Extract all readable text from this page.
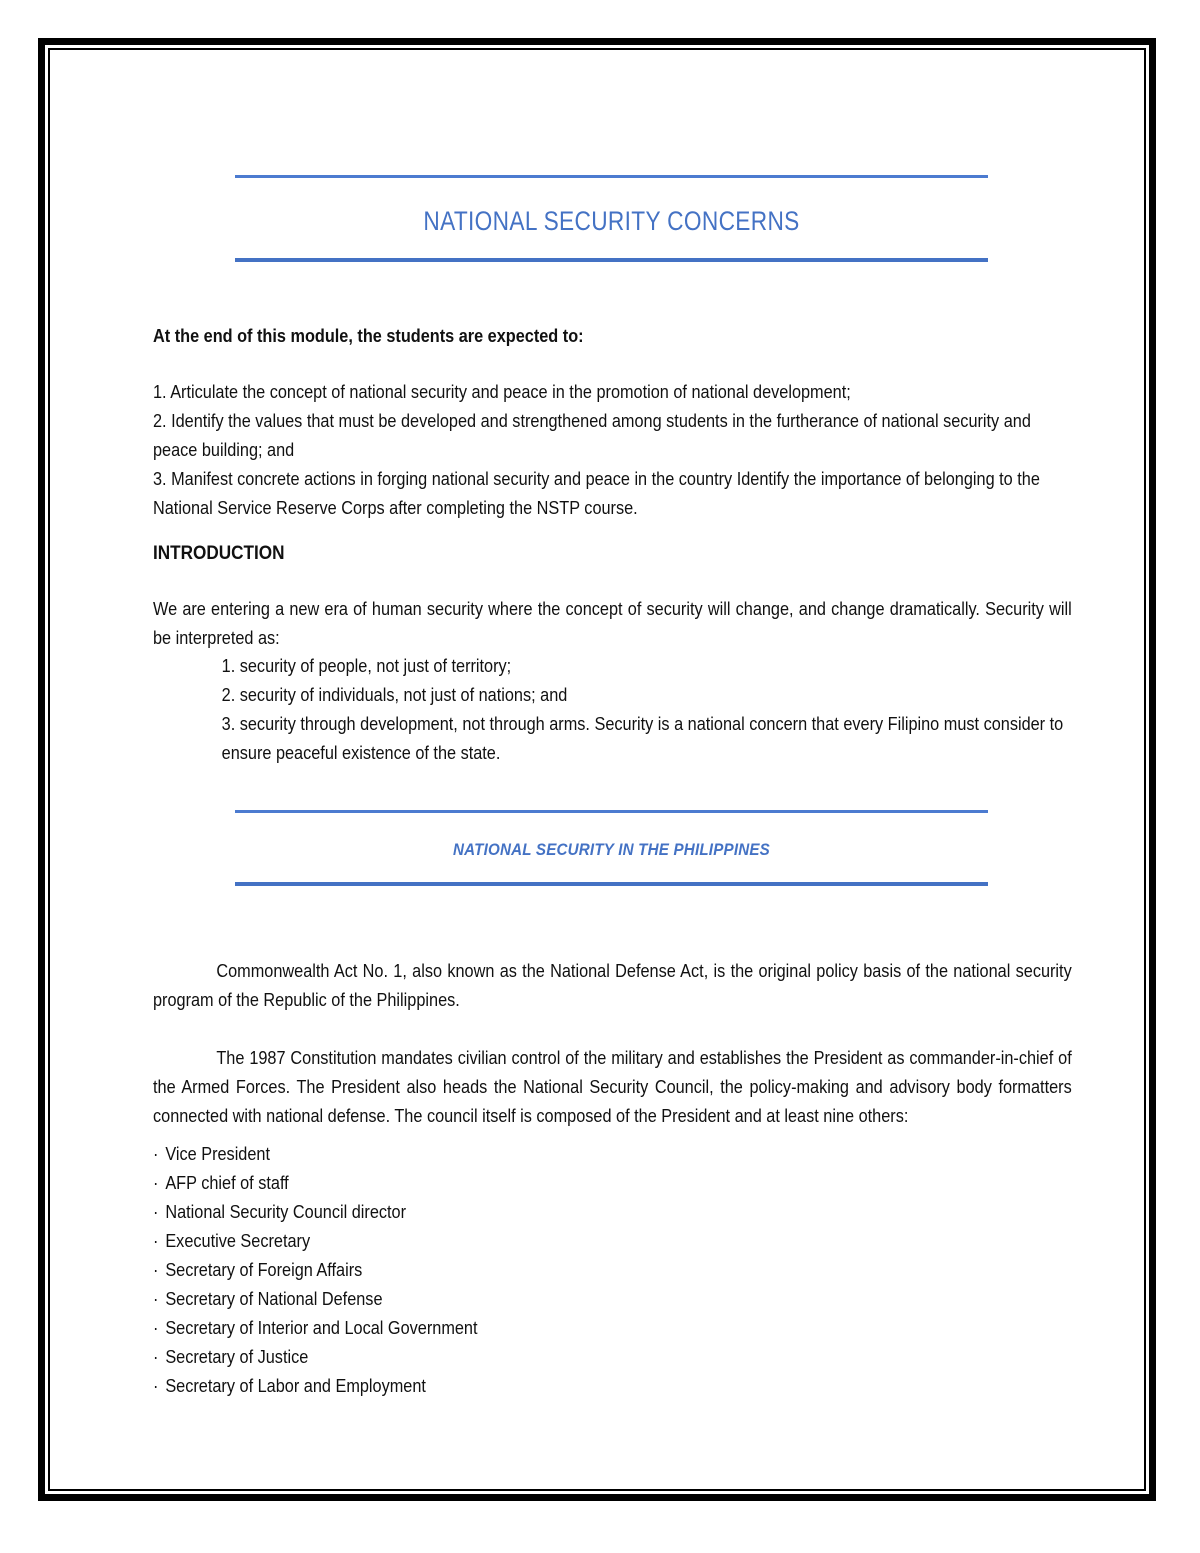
NATIONAL SECURITY CONCERNS

At the end of this module, the students are expected to:

1. Articulate the concept of national security and peace in the promotion of national development;

2. Identify the values that must be developed and strengthened among students in the furtherance of national security and peace building; and

3. Manifest concrete actions in forging national security and peace in the country Identify the importance of belonging to the National Service Reserve Corps after completing the NSTP course.

INTRODUCTION

We are entering a new era of human security where the concept of security will change, and change dramatically. Security will be interpreted as:

1. security of people, not just of territory;

2. security of individuals, not just of nations; and

3. security through development, not through arms. Security is a national concern that every Filipino must consider to ensure peaceful existence of the state.

NATIONAL SECURITY IN THE PHILIPPINES

Commonwealth Act No. 1, also known as the National Defense Act, is the original policy basis of the national security program of the Republic of the Philippines.

The 1987 Constitution mandates civilian control of the military and establishes the President as commander-in-chief of the Armed Forces. The President also heads the National Security Council, the policy-making and advisory body formatters connected with national defense. The council itself is composed of the President and at least nine others:

· Vice President
· AFP chief of staff
· National Security Council director
· Executive Secretary
· Secretary of Foreign Affairs
· Secretary of National Defense
· Secretary of Interior and Local Government
· Secretary of Justice
· Secretary of Labor and Employment
